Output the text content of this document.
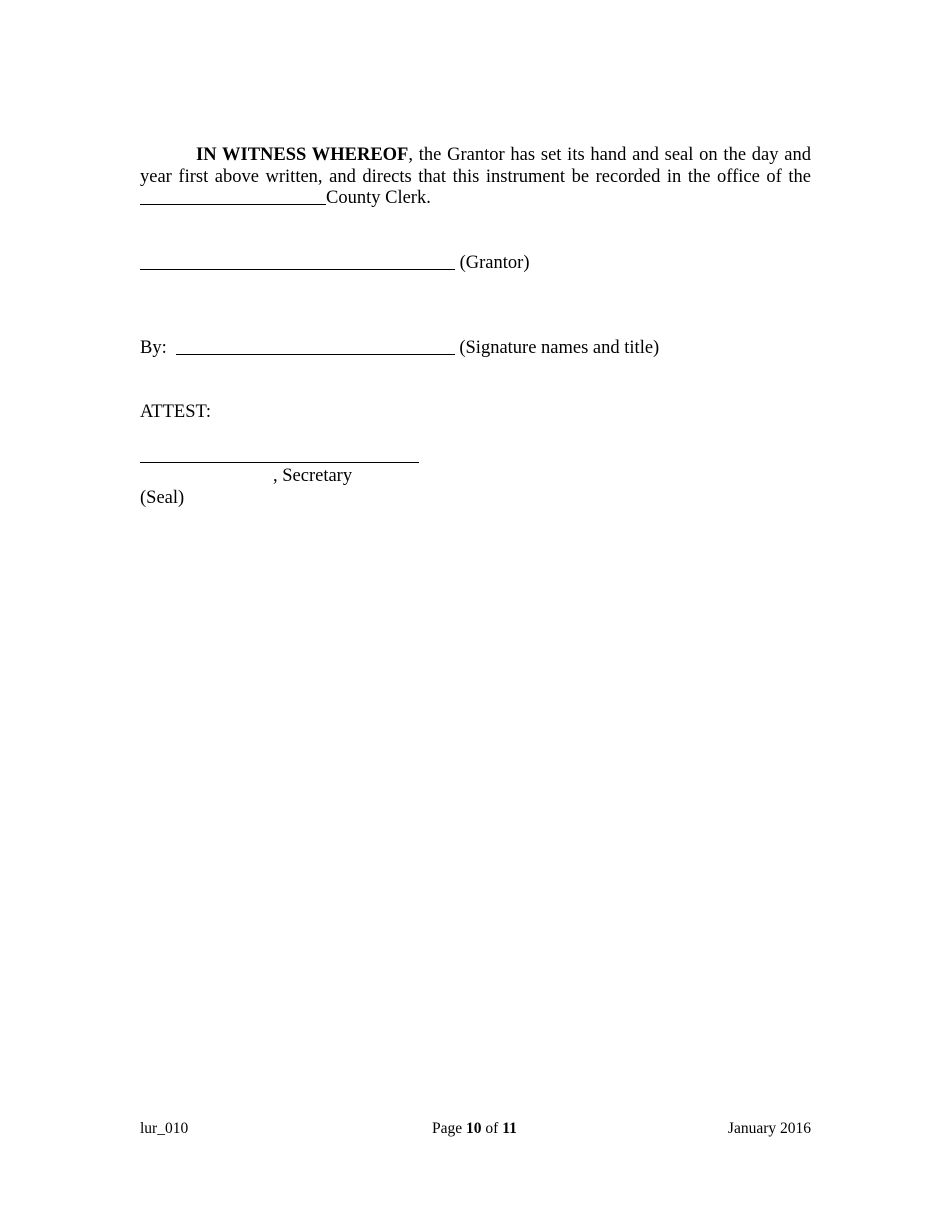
IN WITNESS WHEREOF, the Grantor has set its hand and seal on the day and year first above written, and directs that this instrument be recorded in the office of the County Clerk.
(Grantor)
By:	(Signature names and title)
ATTEST:
, Secretary
(Seal)
lur_010	Page 10 of 11	January 2016
